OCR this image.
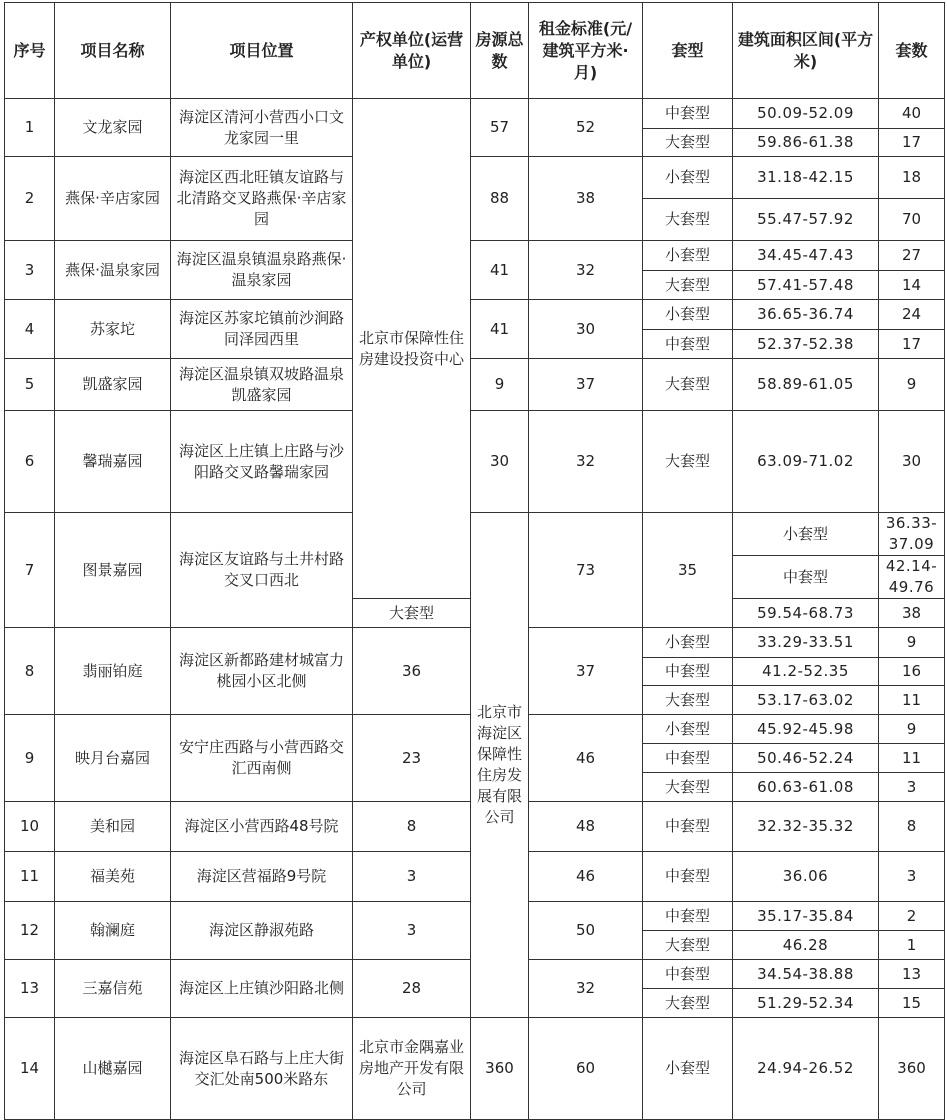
序号	项目名称	项目位置	产权单位(运营单位)	房源总数	租金标准(元/建筑平方米·月)	套型	建筑面积区间(平方米)	套数	
1	文龙家园	海淀区清河小营西小口文龙家园一里	北京市保障性住房建设投资中心	57	52	中套型	50.09-52.09	40	
						大套型	59.86-61.38	17	
2	燕保·辛店家园	海淀区西北旺镇友谊路与北清路交叉路燕保·辛店家园		88	38	小套型	31.18-42.15	18	
						大套型	55.47-57.92	70	
3	燕保·温泉家园	海淀区温泉镇温泉路燕保·温泉家园		41	32	小套型	34.45-47.43	27	
						大套型	57.41-57.48	14	
4	苏家坨	海淀区苏家坨镇前沙涧路同泽园西里		41	30	小套型	36.65-36.74	24	
						中套型	52.37-52.38	17	
5	凯盛家园	海淀区温泉镇双坡路温泉凯盛家园		9	37	大套型	58.89-61.05	9	
6	馨瑞嘉园	海淀区上庄镇上庄路与沙阳路交叉路馨瑞家园		30	32	大套型	63.09-71.02	30	
7	图景嘉园	海淀区友谊路与土井村路交叉口西北		北京市海淀区保障性住房发展有限公司	73	35	小套型	36.33-37.09	
							中套型	42.14-49.76	
			大套型				59.54-68.73	38	
8	翡丽铂庭	海淀区新都路建材城富力桃园小区北侧	36		37	小套型	33.29-33.51	9	
						中套型	41.2-52.35	16	
						大套型	53.17-63.02	11	
9	映月台嘉园	安宁庄西路与小营西路交汇西南侧	23		46	小套型	45.92-45.98	9	
						中套型	50.46-52.24	11	
						大套型	60.63-61.08	3	
10	美和园	海淀区小营西路48号院	8		48	中套型	32.32-35.32	8	
11	福美苑	海淀区营福路9号院	3		46	中套型	36.06	3	
12	翰澜庭	海淀区静淑苑路	3		50	中套型	35.17-35.84	2	
						大套型	46.28	1	
13	三嘉信苑	海淀区上庄镇沙阳路北侧	28		32	中套型	34.54-38.88	13	
						大套型	51.29-52.34	15	
14	山樾嘉园	海淀区阜石路与上庄大街交汇处南500米路东	北京市金隅嘉业房地产开发有限公司	360	60	小套型	24.94-26.52	360	
